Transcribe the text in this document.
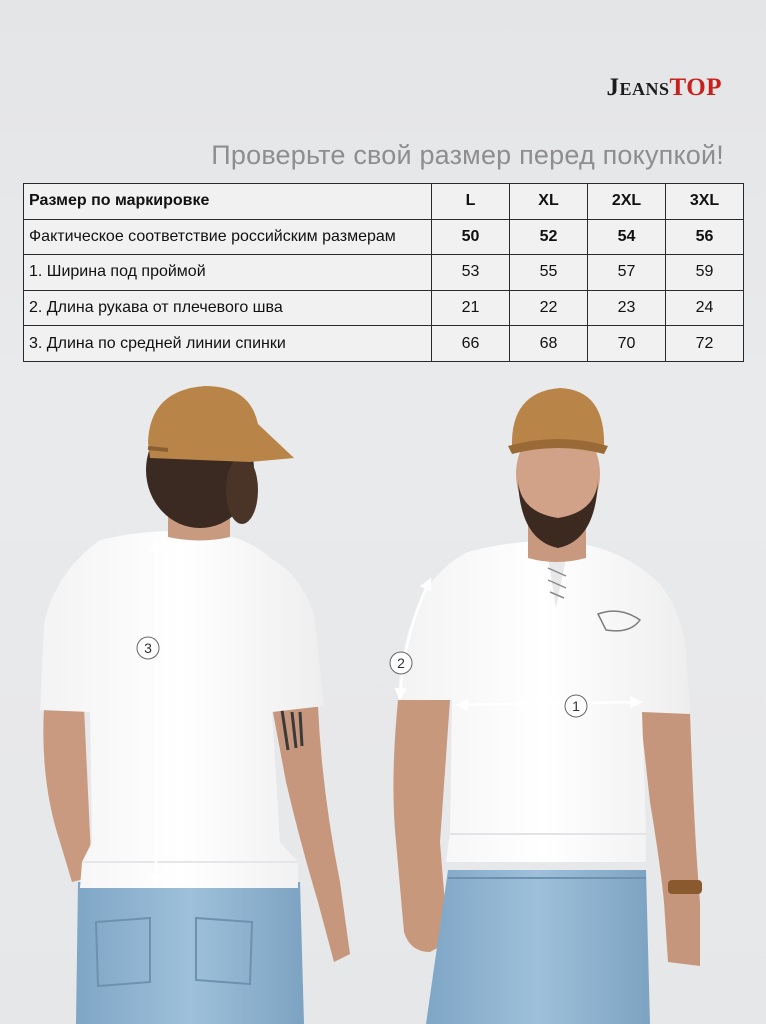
JeansTOP
Проверьте свой размер перед покупкой!
Размер по маркировке	L	XL	2XL	3XL
Фактическое соответствие российским размерам	50	52	54	56
1. Ширина под проймой	53	55	57	59
2. Длина рукава от плечевого шва	21	22	23	24
3. Длина по средней линии спинки	66	68	70	72
3
2
1
